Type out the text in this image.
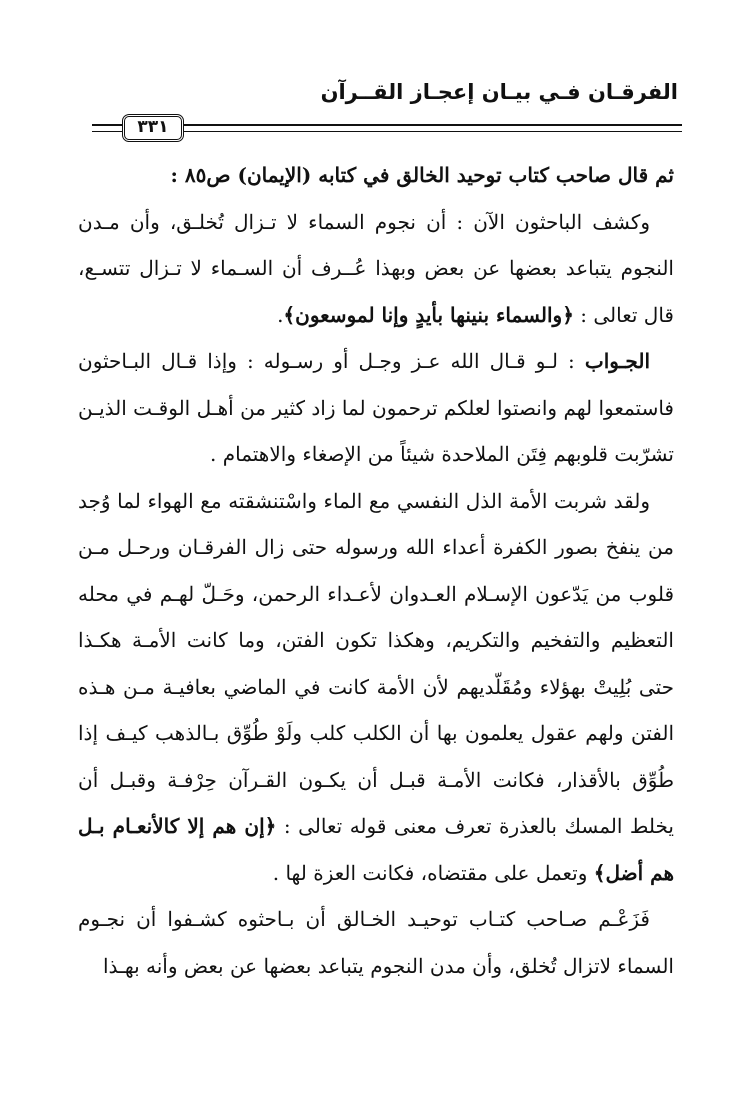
الفرقـان فـي بيـان إعجـاز القــرآن
٣٣١

ثم قال صاحب كتاب توحيد الخالق في كتابه (الإيمان) ص٨٥ :

وكشف الباحثون الآن : أن نجوم السماء لا تـزال تُخلـق، وأن مـدن النجوم يتباعد بعضها عن بعض وبهذا عُــرف أن السـماء لا تـزال تتسـع، قال تعالى : ﴿والسماء بنينها بأيدٍ وإنا لموسعون﴾.

الجـواب : لـو قـال الله عـز وجـل أو رسـوله : وإذا قـال البـاحثون فاستمعوا لهم وانصتوا لعلكم ترحمون لما زاد كثير من أهـل الوقـت الذيـن تشرّبت قلوبهم فِتَن الملاحدة شيئاً من الإصغاء والاهتمام .

ولقد شربت الأمة الذل النفسي مع الماء واسْتنشقته مع الهواء لما وُجد من ينفخ بصور الكفرة أعداء الله ورسوله حتى زال الفرقـان ورحـل مـن قلوب من يَدّعون الإسـلام العـدوان لأعـداء الرحمن، وحَـلّ لهـم في محله التعظيم والتفخيم والتكريم، وهكذا تكون الفتن، وما كانت الأمـة هكـذا حتى بُلِيتْ بهؤلاء ومُقَلّديهم لأن الأمة كانت في الماضي بعافيـة مـن هـذه الفتن ولهم عقول يعلمون بها أن الكلب كلب ولَوْ طُوِّق بـالذهب كيـف إذا طُوِّق بالأقذار، فكانت الأمـة قبـل أن يكـون القـرآن حِرْفـة وقبـل أن يخلط المسك بالعذرة تعرف معنى قوله تعالى : ﴿إن هم إلا كالأنعـام بـل هم أضل﴾ وتعمل على مقتضاه، فكانت العزة لها .

فَزَعْـم صـاحب كتـاب توحيـد الخـالق أن بـاحثوه كشـفوا أن نجـوم السماء لاتزال تُخلق، وأن مدن النجوم يتباعد بعضها عن بعض وأنه بهـذا
